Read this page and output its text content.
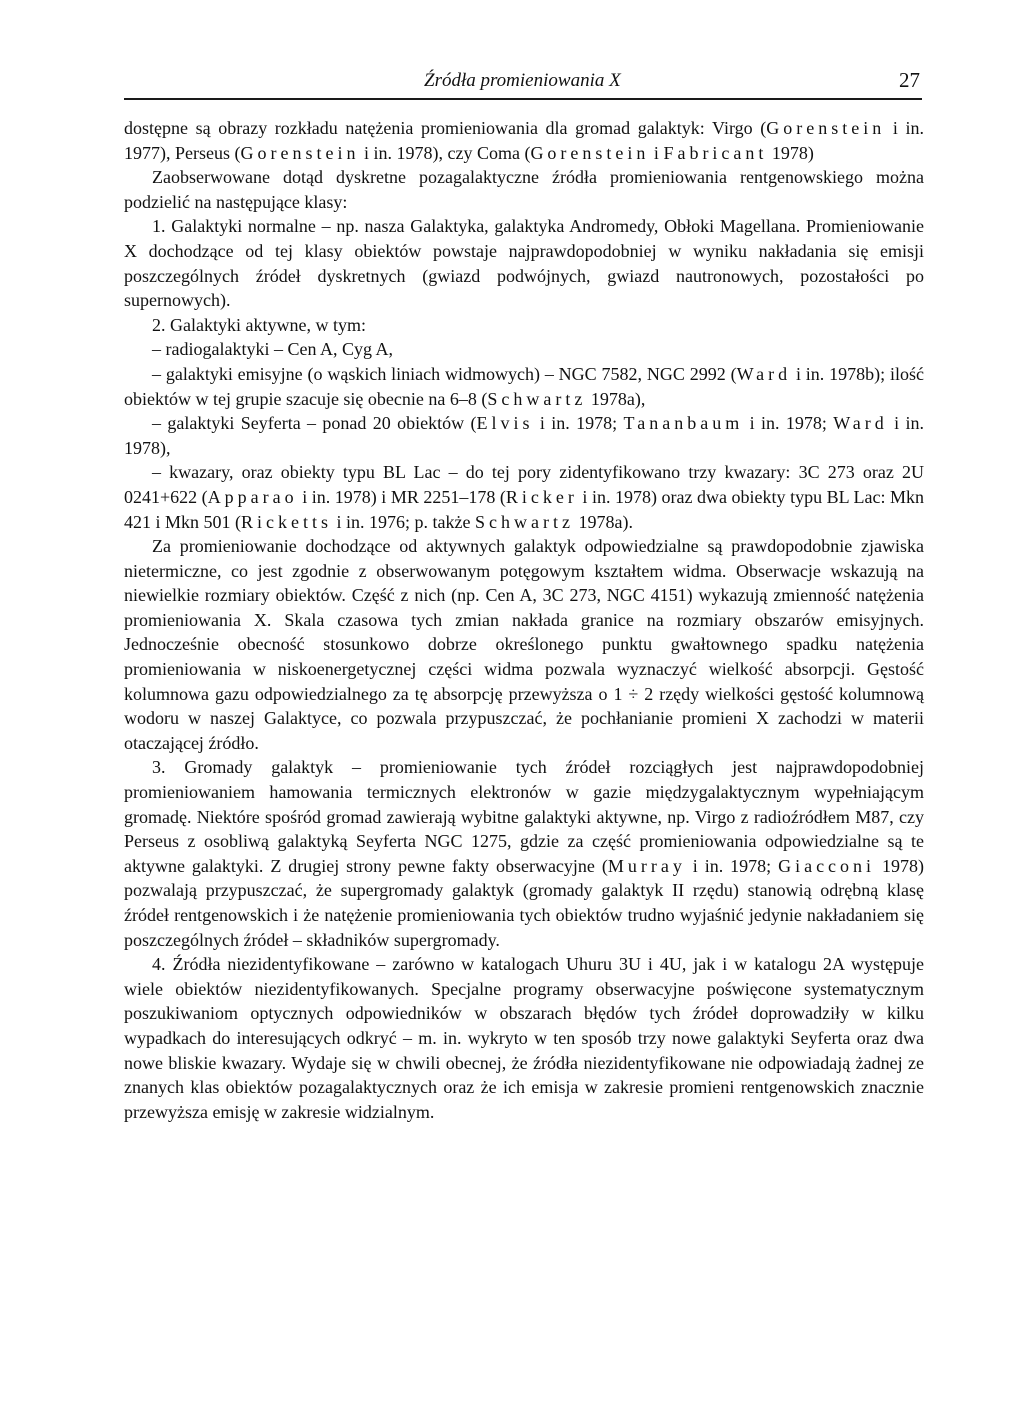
Źródła promieniowania X	27

dostępne są obrazy rozkładu natężenia promieniowania dla gromad galaktyk: Virgo (Gorenstein i in. 1977), Perseus (Gorenstein i in. 1978), czy Coma (Gorenstein i Fabricant 1978)

Zaobserwowane dotąd dyskretne pozagalaktyczne źródła promieniowania rentgenowskiego można podzielić na następujące klasy:

1. Galaktyki normalne – np. nasza Galaktyka, galaktyka Andromedy, Obłoki Magellana. Promieniowanie X dochodzące od tej klasy obiektów powstaje najprawdopodobniej w wyniku nakładania się emisji poszczególnych źródeł dyskretnych (gwiazd podwójnych, gwiazd nautronowych, pozostałości po supernowych).

2. Galaktyki aktywne, w tym:

– radiogalaktyki – Cen A, Cyg A,

– galaktyki emisyjne (o wąskich liniach widmowych) – NGC 7582, NGC 2992 (Ward i in. 1978b); ilość obiektów w tej grupie szacuje się obecnie na 6–8 (Schwartz 1978a),

– galaktyki Seyferta – ponad 20 obiektów (Elvis i in. 1978; Tananbaum i in. 1978; Ward i in. 1978),

– kwazary, oraz obiekty typu BL Lac – do tej pory zidentyfikowano trzy kwazary: 3C 273 oraz 2U 0241+622 (Apparao i in. 1978) i MR 2251–178 (Ricker i in. 1978) oraz dwa obiekty typu BL Lac: Mkn 421 i Mkn 501 (Ricketts i in. 1976; p. także Schwartz 1978a).

Za promieniowanie dochodzące od aktywnych galaktyk odpowiedzialne są prawdopodobnie zjawiska nietermiczne, co jest zgodnie z obserwowanym potęgowym kształtem widma. Obserwacje wskazują na niewielkie rozmiary obiektów. Część z nich (np. Cen A, 3C 273, NGC 4151) wykazują zmienność natężenia promieniowania X. Skala czasowa tych zmian nakłada granice na rozmiary obszarów emisyjnych. Jednocześnie obecność stosunkowo dobrze określonego punktu gwałtownego spadku natężenia promieniowania w niskoenergetycznej części widma pozwala wyznaczyć wielkość absorpcji. Gęstość kolumnowa gazu odpowiedzialnego za tę absorpcję przewyższa o 1 ÷ 2 rzędy wielkości gęstość kolumnową wodoru w naszej Galaktyce, co pozwala przypuszczać, że pochłanianie promieni X zachodzi w materii otaczającej źródło.

3. Gromady galaktyk – promieniowanie tych źródeł rozciągłych jest najprawdopodobniej promieniowaniem hamowania termicznych elektronów w gazie międzygalaktycznym wypełniającym gromadę. Niektóre spośród gromad zawierają wybitne galaktyki aktywne, np. Virgo z radioźródłem M87, czy Perseus z osobliwą galaktyką Seyferta NGC 1275, gdzie za część promieniowania odpowiedzialne są te aktywne galaktyki. Z drugiej strony pewne fakty obserwacyjne (Murray i in. 1978; Giacconi 1978) pozwalają przypuszczać, że supergromady galaktyk (gromady galaktyk II rzędu) stanowią odrębną klasę źródeł rentgenowskich i że natężenie promieniowania tych obiektów trudno wyjaśnić jedynie nakładaniem się poszczególnych źródeł – składników supergromady.

4. Źródła niezidentyfikowane – zarówno w katalogach Uhuru 3U i 4U, jak i w katalogu 2A występuje wiele obiektów niezidentyfikowanych. Specjalne programy obserwacyjne poświęcone systematycznym poszukiwaniom optycznych odpowiedników w obszarach błędów tych źródeł doprowadziły w kilku wypadkach do interesujących odkryć – m. in. wykryto w ten sposób trzy nowe galaktyki Seyferta oraz dwa nowe bliskie kwazary. Wydaje się w chwili obecnej, że źródła niezidentyfikowane nie odpowiadają żadnej ze znanych klas obiektów pozagalaktycznych oraz że ich emisja w zakresie promieni rentgenowskich znacznie przewyższa emisję w zakresie widzialnym.
